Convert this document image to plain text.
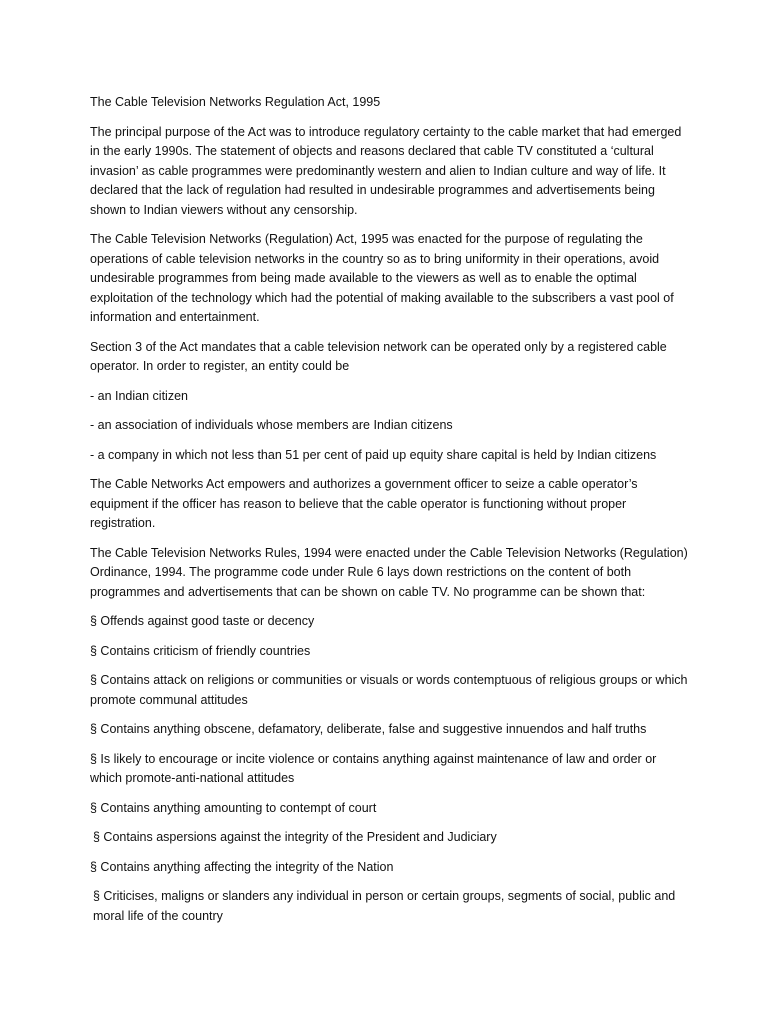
The Cable Television Networks Regulation Act, 1995

The principal purpose of the Act was to introduce regulatory certainty to the cable market that had emerged in the early 1990s. The statement of objects and reasons declared that cable TV constituted a ‘cultural invasion’ as cable programmes were predominantly western and alien to Indian culture and way of life. It declared that the lack of regulation had resulted in undesirable programmes and advertisements being shown to Indian viewers without any censorship.

The Cable Television Networks (Regulation) Act, 1995 was enacted for the purpose of regulating the operations of cable television networks in the country so as to bring uniformity in their operations, avoid undesirable programmes from being made available to the viewers as well as to enable the optimal exploitation of the technology which had the potential of making available to the subscribers a vast pool of information and entertainment.

Section 3 of the Act mandates that a cable television network can be operated only by a registered cable operator. In order to register, an entity could be

- an Indian citizen

- an association of individuals whose members are Indian citizens

- a company in which not less than 51 per cent of paid up equity share capital is held by Indian citizens

The Cable Networks Act empowers and authorizes a government officer to seize a cable operator’s equipment if the officer has reason to believe that the cable operator is functioning without proper registration.

The Cable Television Networks Rules, 1994 were enacted under the Cable Television Networks (Regulation) Ordinance, 1994. The programme code under Rule 6 lays down restrictions on the content of both programmes and advertisements that can be shown on cable TV. No programme can be shown that:

§ Offends against good taste or decency

§ Contains criticism of friendly countries

§ Contains attack on religions or communities or visuals or words contemptuous of religious groups or which promote communal attitudes

§ Contains anything obscene, defamatory, deliberate, false and suggestive innuendos and half truths

§ Is likely to encourage or incite violence or contains anything against maintenance of law and order or which promote-anti-national attitudes

§ Contains anything amounting to contempt of court

§ Contains aspersions against the integrity of the President and Judiciary

§ Contains anything affecting the integrity of the Nation

§ Criticises, maligns or slanders any individual in person or certain groups, segments of social, public and moral life of the country
